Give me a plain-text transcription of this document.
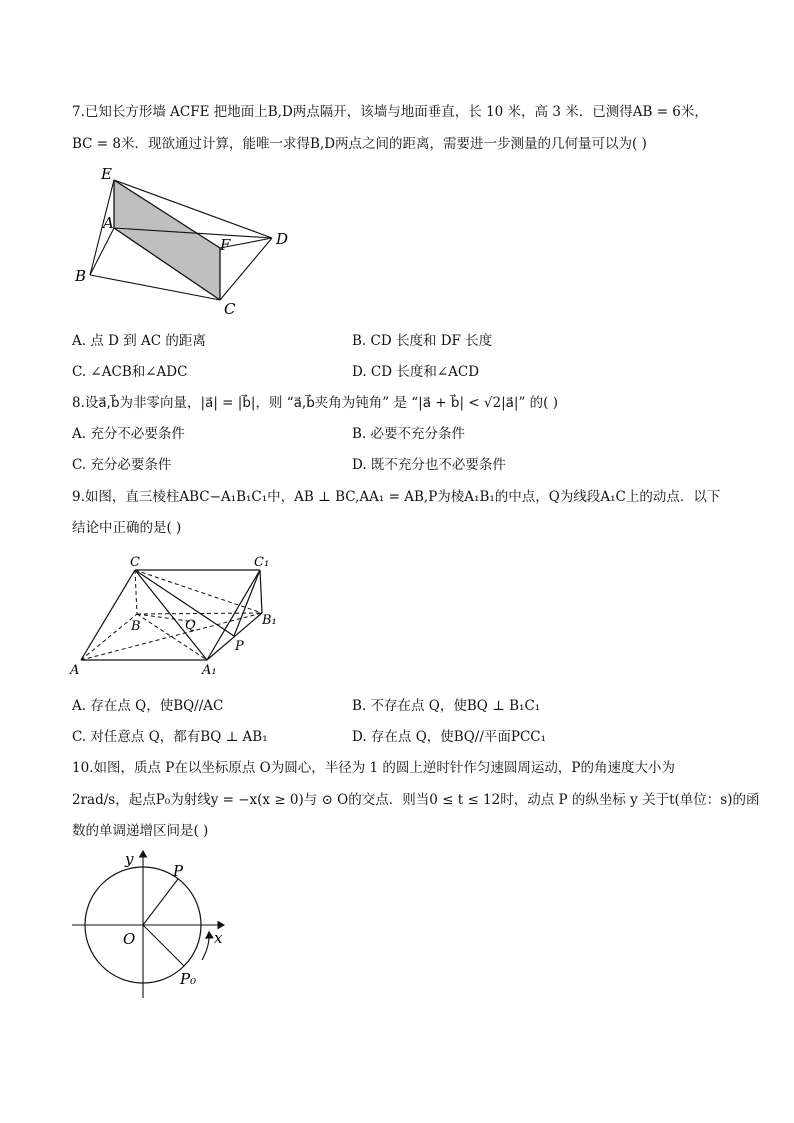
7.已知长方形墙 ACFE 把地面上B,D两点隔开，该墙与地面垂直，长 10 米，高 3 米．已测得AB = 6米，
BC = 8米．现欲通过计算，能唯一求得B,D两点之间的距离，需要进一步测量的几何量可以为( )
E
A
F	D
B
C
A. 点 D 到 AC 的距离	B. CD 长度和 DF 长度
C. ∠ACB和∠ADC	D. CD 长度和∠ACD
8.设a⃗,b⃗为非零向量，|a⃗| = |b⃗|，则 “a⃗,b⃗夹角为钝角” 是 “|a⃗ + b⃗| < √2|a⃗|” 的( )
A. 充分不必要条件	B. 必要不充分条件
C. 充分必要条件	D. 既不充分也不必要条件
9.如图，直三棱柱ABC−A₁B₁C₁中，AB ⊥ BC,AA₁ = AB,P为棱A₁B₁的中点，Q为线段A₁C上的动点．以下
结论中正确的是( )
C	C₁
B	Q	B₁
P
A	A₁
A. 存在点 Q，使BQ//AC	B. 不存在点 Q，使BQ ⊥ B₁C₁
C. 对任意点 Q，都有BQ ⊥ AB₁	D. 存在点 Q，使BQ//平面PCC₁
10.如图，质点 P在以坐标原点 O为圆心，半径为 1 的圆上逆时针作匀速圆周运动，P的角速度大小为
2rad/s，起点P₀为射线y = −x(x ≥ 0)与 ⊙ O的交点．则当0 ≤ t ≤ 12时，动点 P 的纵坐标 y 关于t(单位：s)的函
数的单调递增区间是( )
y
P
O	x
P₀
